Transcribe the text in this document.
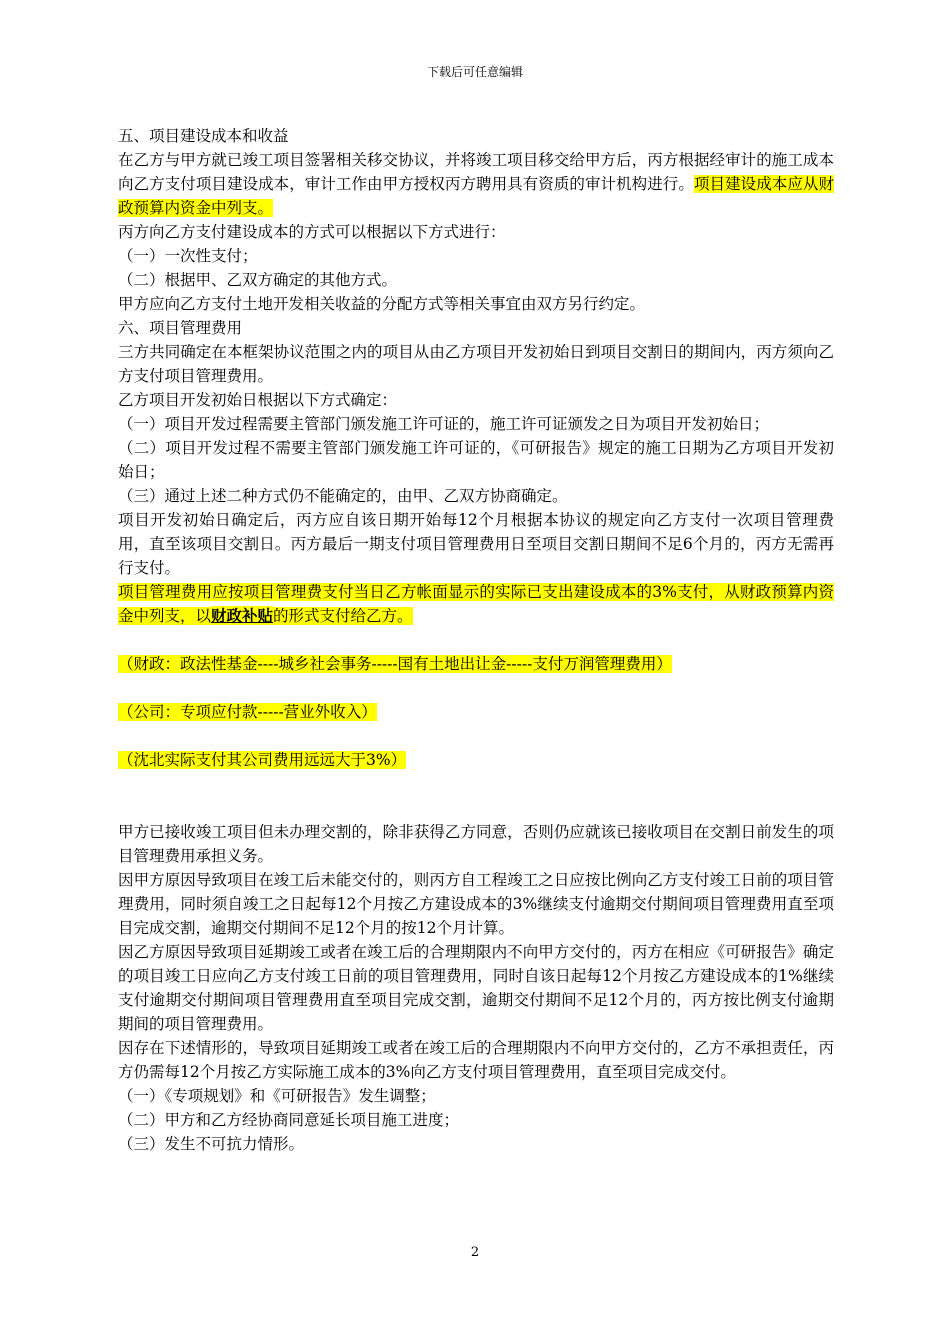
下载后可任意编辑

五、项目建设成本和收益

在乙方与甲方就已竣工项目签署相关移交协议，并将竣工项目移交给甲方后，丙方根据经审计的施工成本向乙方支付项目建设成本，审计工作由甲方授权丙方聘用具有资质的审计机构进行。项目建设成本应从财政预算内资金中列支。

丙方向乙方支付建设成本的方式可以根据以下方式进行：

（一）一次性支付；

（二）根据甲、乙双方确定的其他方式。

甲方应向乙方支付土地开发相关收益的分配方式等相关事宜由双方另行约定。

六、项目管理费用

三方共同确定在本框架协议范围之内的项目从由乙方项目开发初始日到项目交割日的期间内，丙方须向乙方支付项目管理费用。

乙方项目开发初始日根据以下方式确定：

（一）项目开发过程需要主管部门颁发施工许可证的，施工许可证颁发之日为项目开发初始日；

（二）项目开发过程不需要主管部门颁发施工许可证的，《可研报告》规定的施工日期为乙方项目开发初始日；

（三）通过上述二种方式仍不能确定的，由甲、乙双方协商确定。

项目开发初始日确定后，丙方应自该日期开始每12个月根据本协议的规定向乙方支付一次项目管理费用，直至该项目交割日。丙方最后一期支付项目管理费用日至项目交割日期间不足6个月的，丙方无需再行支付。

项目管理费用应按项目管理费支付当日乙方帐面显示的实际已支出建设成本的3%支付，从财政预算内资金中列支，以财政补贴的形式支付给乙方。

（财政：政法性基金----城乡社会事务-----国有土地出让金-----支付万润管理费用）

（公司：专项应付款-----营业外收入）

（沈北实际支付其公司费用远远大于3%）

甲方已接收竣工项目但未办理交割的，除非获得乙方同意，否则仍应就该已接收项目在交割日前发生的项目管理费用承担义务。

因甲方原因导致项目在竣工后未能交付的，则丙方自工程竣工之日应按比例向乙方支付竣工日前的项目管理费用，同时须自竣工之日起每12个月按乙方建设成本的3%继续支付逾期交付期间项目管理费用直至项目完成交割，逾期交付期间不足12个月的按12个月计算。

因乙方原因导致项目延期竣工或者在竣工后的合理期限内不向甲方交付的，丙方在相应《可研报告》确定的项目竣工日应向乙方支付竣工日前的项目管理费用，同时自该日起每12个月按乙方建设成本的1%继续支付逾期交付期间项目管理费用直至项目完成交割，逾期交付期间不足12个月的，丙方按比例支付逾期期间的项目管理费用。

因存在下述情形的，导致项目延期竣工或者在竣工后的合理期限内不向甲方交付的，乙方不承担责任，丙方仍需每12个月按乙方实际施工成本的3%向乙方支付项目管理费用，直至项目完成交付。

（一）《专项规划》和《可研报告》发生调整；

（二）甲方和乙方经协商同意延长项目施工进度；

（三）发生不可抗力情形。

2
